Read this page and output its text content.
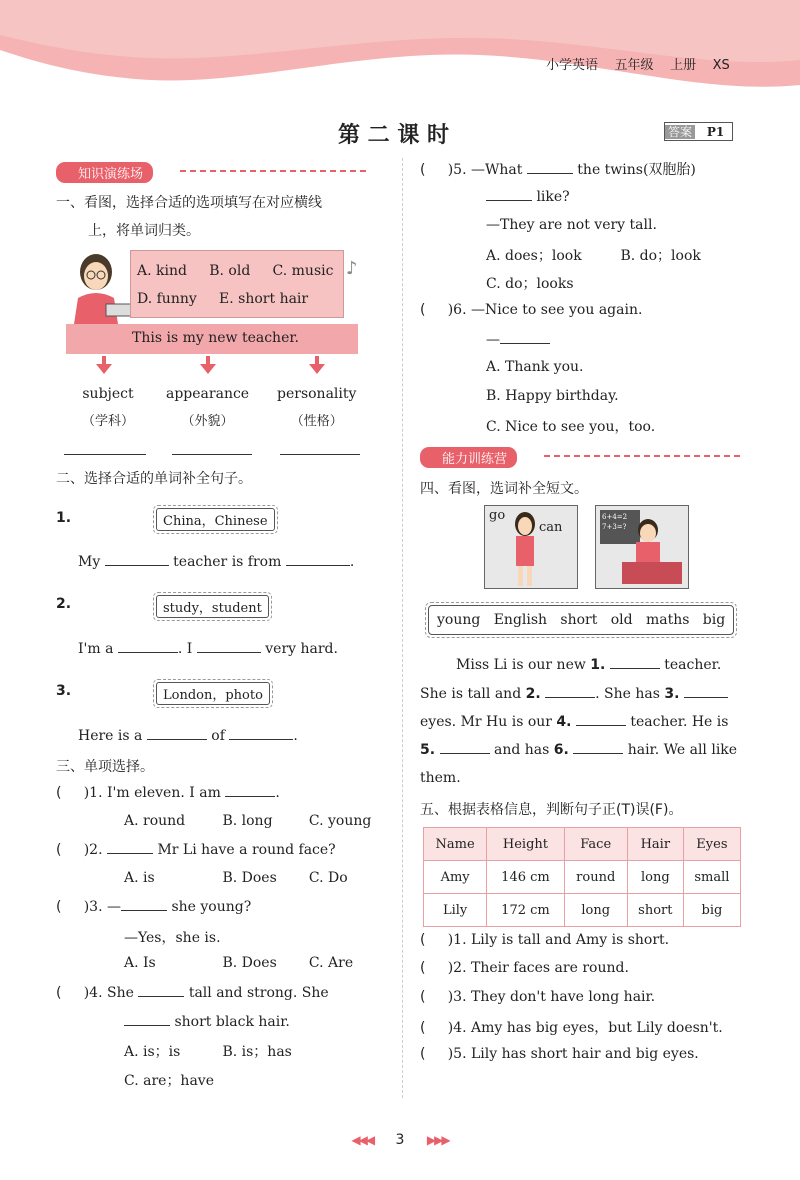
小学英语 五年级 上册 XS
第 二 课 时	答案 P1
知识演练场
一、看图，选择合适的选项填写在对应横线
上，将单词归类。
A. kind B. old C. music
D. funny E. short hair
♪
This is my new teacher.
subject
（学科）
appearance
（外貌）
personality
（性格）
二、选择合适的单词补全句子。
1.	China，Chinese
My	teacher is from	.
2.	study，student
I'm a	. I	very hard.
3.	London，photo
Here is a	of	.
三、单项选择。
(     )1. I'm eleven. I am	.
A. round	B. long	C. young
(     )2.	Mr Li have a round face?
A. is	B. Does C. Do
(     )3. —	she young?
—Yes，she is.
A. Is	B. Does C. Are
(     )4. She	tall and strong. She
short black hair.
A. is；is	B. is；has
C. are；have
(     )5. —What	the twins(双胞胎)
like?
—They are not very tall.
A. does；look	B. do；look
C. do；looks
(     )6. —Nice to see you again.
—
A. Thank you.
B. Happy birthday.
C. Nice to see you，too.
能力训练营
四、看图，选词补全短文。
go
can
6+4=2
7+3=?
young English short old maths big
Miss Li is our new 1.	teacher.
She is tall and 2.	. She has 3.
eyes. Mr Hu is our 4.	teacher. He is
5.	and has 6.	hair. We all like
them.
五、根据表格信息，判断句子正(T)误(F)。
Name	Height	Face	Hair	Eyes
Amy	146 cm	round	long	small
Lily	172 cm	long	short	big
(     )1. Lily is tall and Amy is short.
(     )2. Their faces are round.
(     )3. They don't have long hair.
(     )4. Amy has big eyes，but Lily doesn't.
(     )5. Lily has short hair and big eyes.
◀◀◀ 3 ▶▶▶
